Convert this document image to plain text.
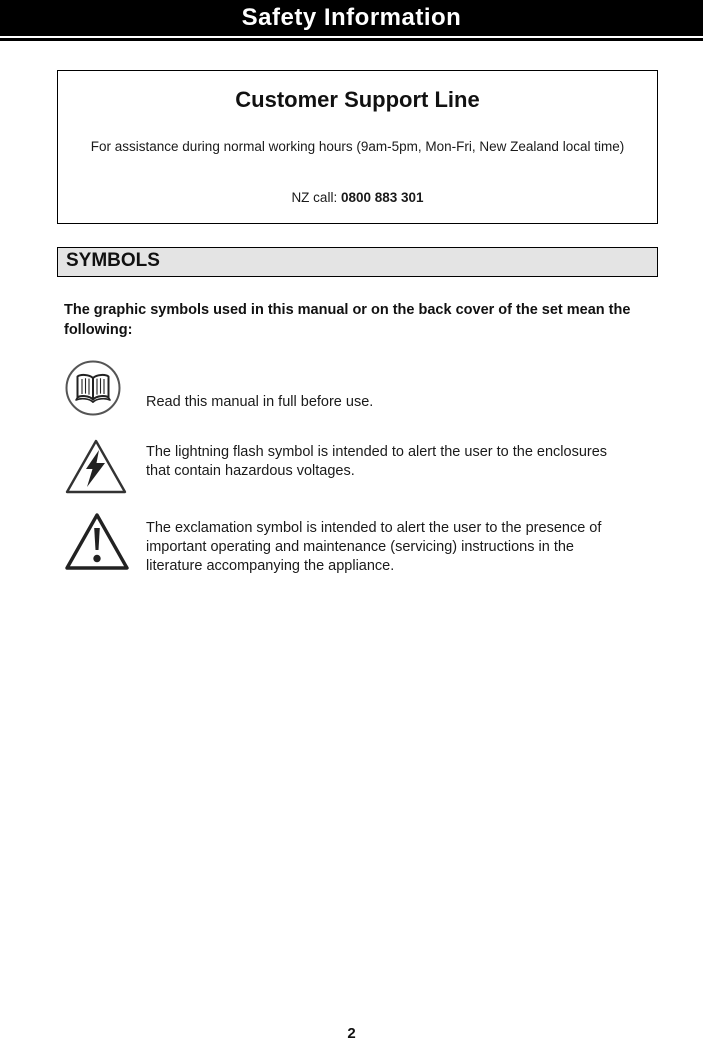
Safety Information
Customer Support Line
For assistance during normal working hours (9am-5pm, Mon-Fri, New Zealand local time)
NZ call: 0800 883 301
SYMBOLS

The graphic symbols used in this manual or on the back cover of the set mean the following:

Read this manual in full before use.

The lightning flash symbol is intended to alert the user to the enclosures that contain hazardous voltages.

The exclamation symbol is intended to alert the user to the presence of important operating and maintenance (servicing) instructions in the literature accompanying the appliance.

2
